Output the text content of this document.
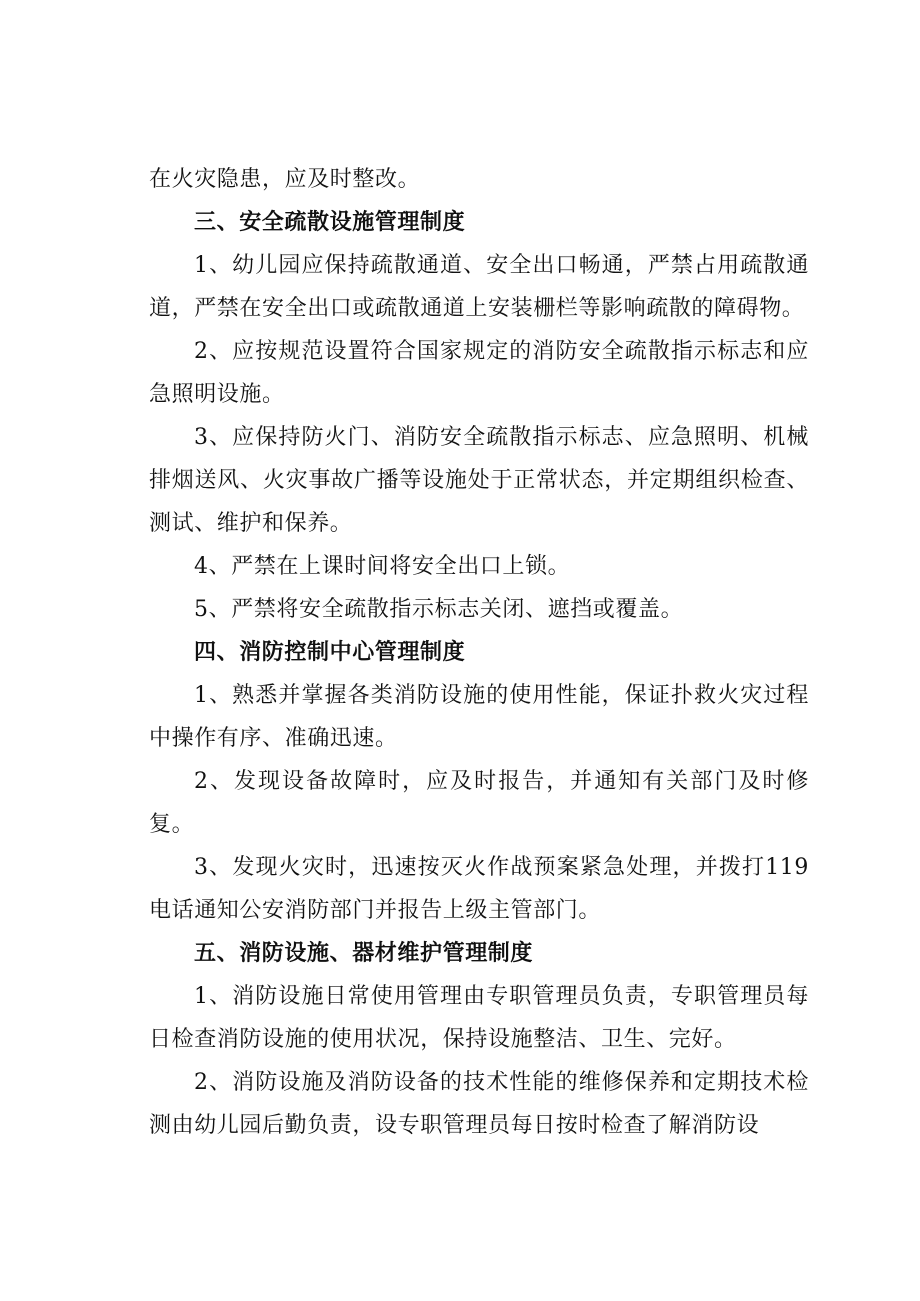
在火灾隐患，应及时整改。

三、安全疏散设施管理制度

1、幼儿园应保持疏散通道、安全出口畅通，严禁占用疏散通道，严禁在安全出口或疏散通道上安装栅栏等影响疏散的障碍物。

2、应按规范设置符合国家规定的消防安全疏散指示标志和应急照明设施。

3、应保持防火门、消防安全疏散指示标志、应急照明、机械排烟送风、火灾事故广播等设施处于正常状态，并定期组织检查、测试、维护和保养。

4、严禁在上课时间将安全出口上锁。

5、严禁将安全疏散指示标志关闭、遮挡或覆盖。

四、消防控制中心管理制度

1、熟悉并掌握各类消防设施的使用性能，保证扑救火灾过程中操作有序、准确迅速。

2、发现设备故障时，应及时报告，并通知有关部门及时修复。

3、发现火灾时，迅速按灭火作战预案紧急处理，并拨打119电话通知公安消防部门并报告上级主管部门。

五、消防设施、器材维护管理制度

1、消防设施日常使用管理由专职管理员负责，专职管理员每日检查消防设施的使用状况，保持设施整洁、卫生、完好。

2、消防设施及消防设备的技术性能的维修保养和定期技术检测由幼儿园后勤负责，设专职管理员每日按时检查了解消防设
